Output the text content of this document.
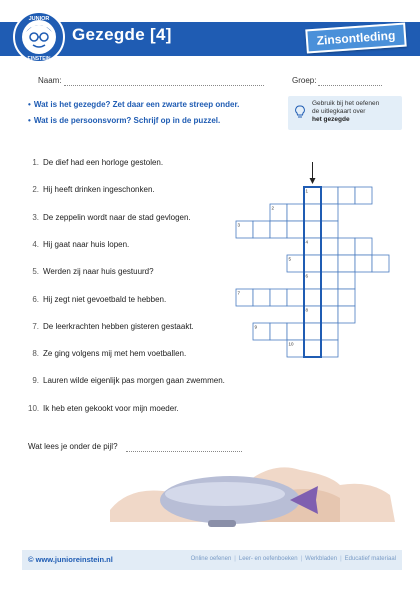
JUNIOR
EINSTEIN
Gezegde [4]	Zinsontleding
Naam:	Groep:
• Wat is het gezegde? Zet daar een zwarte streep onder.
• Wat is de persoonsvorm? Schrijf op in de puzzel.
Gebruik bij het oefenen
de uitlegkaart over
het gezegde
1. De dief had een horloge gestolen.
2. Hij heeft drinken ingeschonken.
3. De zeppelin wordt naar de stad gevlogen.
4. Hij gaat naar huis lopen.
5. Werden zij naar huis gestuurd?
6. Hij zegt niet gevoetbald te hebben.
7. De leerkrachten hebben gisteren gestaakt.
8. Ze ging volgens mij met hem voetballen.
9. Lauren wilde eigenlijk pas morgen gaan zwemmen.
10. Ik heb eten gekookt voor mijn moeder.
1
2
3
4
5
6
7
8
9
10
Wat lees je onder de pijl?
© www.junioreinstein.nl	Online oefenen | Leer- en oefenboeken | Werkbladen | Educatief materiaal
